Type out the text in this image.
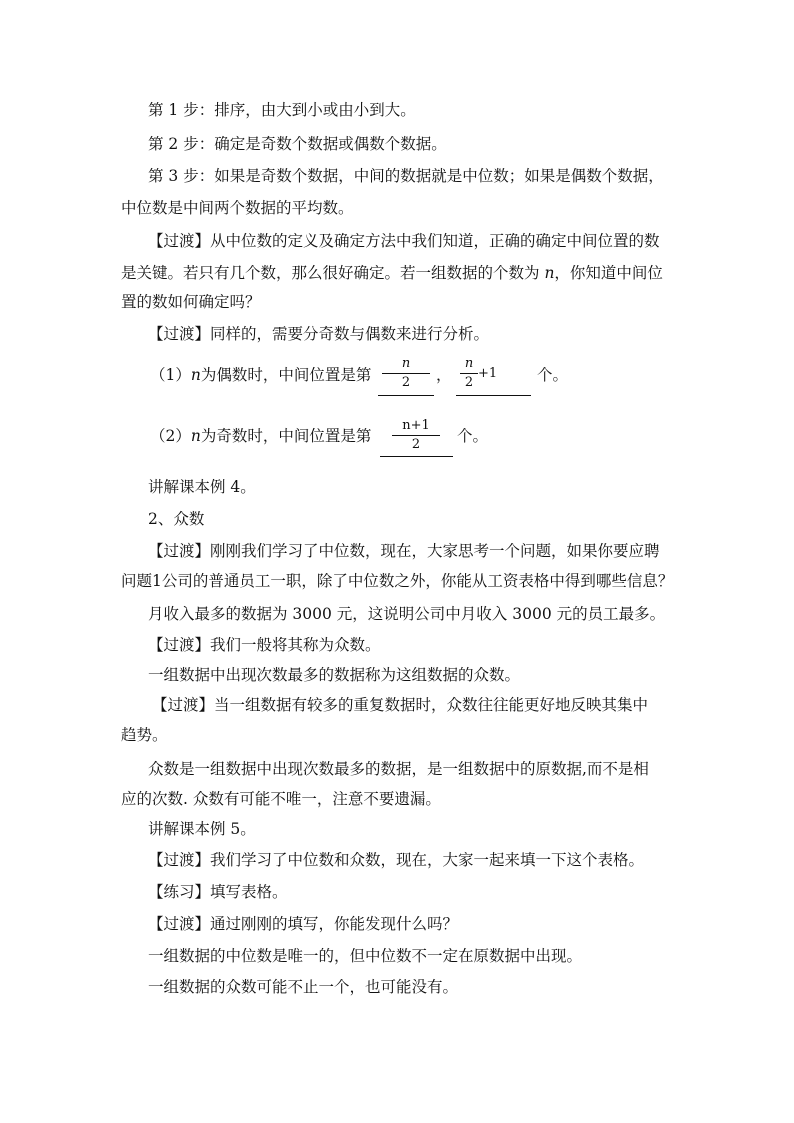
第 1 步：排序，由大到小或由小到大。
第 2 步：确定是奇数个数据或偶数个数据。
第 3 步：如果是奇数个数据，中间的数据就是中位数；如果是偶数个数据，
中位数是中间两个数据的平均数。
【过渡】从中位数的定义及确定方法中我们知道，正确的确定中间位置的数
是关键。若只有几个数，那么很好确定。若一组数据的个数为 n，你知道中间位
置的数如何确定吗？
【过渡】同样的，需要分奇数与偶数来进行分析。
（1）n为偶数时，中间位置是第
n
2	， $\frac{n}{2} +1$	个。
（2）n为奇数时，中间位置是第
n+1
2	个。
讲解课本例 4。
2、众数
【过渡】刚刚我们学习了中位数，现在，大家思考一个问题，如果你要应聘
问题1公司的普通员工一职，除了中位数之外，你能从工资表格中得到哪些信息？
月收入最多的数据为 3000 元，这说明公司中月收入 3000 元的员工最多。
【过渡】我们一般将其称为众数。
一组数据中出现次数最多的数据称为这组数据的众数。
【过渡】当一组数据有较多的重复数据时，众数往往能更好地反映其集中
趋势。
众数是一组数据中出现次数最多的数据，是一组数据中的原数据,而不是相
应的次数. 众数有可能不唯一，注意不要遗漏。
讲解课本例 5。
【过渡】我们学习了中位数和众数，现在，大家一起来填一下这个表格。
【练习】填写表格。
【过渡】通过刚刚的填写，你能发现什么吗？
一组数据的中位数是唯一的，但中位数不一定在原数据中出现。
一组数据的众数可能不止一个，也可能没有。
